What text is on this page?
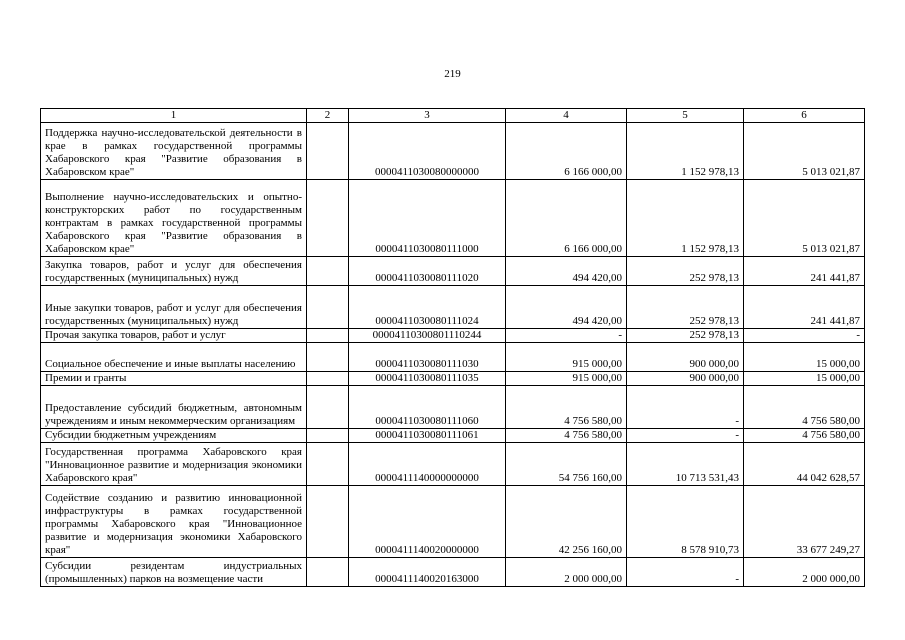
219
1	2	3	4	5	6
Поддержка научно-исследовательской деятельности в крае в рамках государственной программы Хабаровского края "Развитие образования в Хабаровском крае"		0000411030080000000	6 166 000,00	1 152 978,13	5 013 021,87
Выполнение научно-исследовательских и опытно-конструкторских работ по государственным контрактам в рамках государственной программы Хабаровского края "Развитие образования в Хабаровском крае"		0000411030080111000	6 166 000,00	1 152 978,13	5 013 021,87
Закупка товаров, работ и услуг для обеспечения государственных (муниципальных) нужд		0000411030080111020	494 420,00	252 978,13	241 441,87
Иные закупки товаров, работ и услуг для обеспечения государственных (муниципальных) нужд		0000411030080111024	494 420,00	252 978,13	241 441,87
Прочая закупка товаров, работ и услуг		00004110300801110244	-	252 978,13	-
Социальное обеспечение и иные выплаты населению		0000411030080111030	915 000,00	900 000,00	15 000,00
Премии и гранты		0000411030080111035	915 000,00	900 000,00	15 000,00
Предоставление субсидий бюджетным, автономным учреждениям и иным некоммерческим организациям		0000411030080111060	4 756 580,00	-	4 756 580,00
Субсидии бюджетным учреждениям		0000411030080111061	4 756 580,00	-	4 756 580,00
Государственная программа Хабаровского края "Инновационное развитие и модернизация экономики Хабаровского края"		0000411140000000000	54 756 160,00	10 713 531,43	44 042 628,57
Содействие созданию и развитию инновационной инфраструктуры в рамках государственной программы Хабаровского края "Инновационное развитие и модернизация экономики Хабаровского края"		0000411140020000000	42 256 160,00	8 578 910,73	33 677 249,27
Субсидии резидентам индустриальных (промышленных) парков на возмещение части		0000411140020163000	2 000 000,00	-	2 000 000,00
